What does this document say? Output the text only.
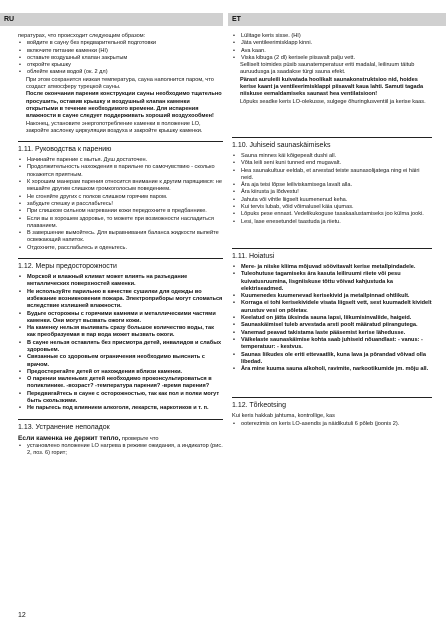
RU	ET

ператураx, что происходит следующим образом:

• войдите в сауну без предварительной подготовки
• включите питание каменки (HI)
• оставьте воздушный клапан закрытым
• откройте крышку
• облейте камни водой (ок. 2 дл)

При этом сохранится низкая температура, сауна наполнится паром, что создаст атмосферу турецкой сауны.

После окончания парения конструкции сауны необходимо тщательно просушить, оставив крышку и воздушный клапан каменки открытыми в течение необходимого времени. Для испарения влажности в сауне следует поддерживать хороший воздухообмен!

Наконец, установите энергопотребление каменки в положение LO, закройте заслонку циркуляции воздуха и закройте крышку каменки.

1.11. Руководства к парению
• Начинайте парение с мытья. Душ достаточен.
• Продолжительность нахождения в парильне по самочувствию - сколько покажется приятным.
• К хорошим манерам парения относится внимание к другим парящимся: не мешайте другим слишком громкоголосым поведением.
• Не сгоняйте других с полков слишком горячим паром.
• забудьте спешку и расслабьтесь!
• При слишком сильном нагревании кожи передохните в предбаннике.
• Если вы в хорошем здоровье, то можете при возможности насладиться плаванием.
• В завершение вымойтесь. Для выравнивания баланса жидкости выпейте освежающий напиток.
• Отдохните, расслабьтесь и оденьтесь.
1.12. Меры предосторожности
• Морской и влажный климат может влиять на разъедание металлических поверхностей каменки.
• Не используйте парильню в качестве сушилки для одежды во избежание возникновения пожара. Электроприборы могут сломаться вследствие излишней влажности.
• Будьте осторожны с горячими камнями и металлическими частями каменки. Они могут вызвать ожоги кожи.
• На каменку нельзя выливать сразу большое количество воды, так как преобразуемая в пар вода может вызвать ожоги.
• В сауне нельзя оставлять без присмотра детей, инвалидов и слабых здоровьем.
• Связанные со здоровьем ограничения необходимо выяснить с врачом.
• Предостерегайте детей от нахождения вблизи каменки.
• О парении маленьких детей необходимо проконсультироваться в поликлинике. -возраст? -температура парения? -время парения?
• Передвигайтесь в сауне с осторожностью, так как пол и полки могут быть скользкими.
• Не парьтесь под влиянием алкоголя, лекарств, наркотиков и т. п.
1.13. Устранение неполадок

Если каменка не держит тепло, проверьте что

• установлено положение LO нагрева в режиме ожидания, а индикатор (рис. 2, поз. 6) горит;
• Lülitage keris sisse. (HI)
• Jäta ventileerimisklapp kinni.
• Ava kaan.
• Viska kibuga (2 dl) kerisele piisavalt palju vett.

Selliselt toimides püsib saunatemperatuur eriti madalal, leiliruum täitub auruudusga ja saadakse türgi sauna efekt.

Pärast auruleili kuivatada hoolikalt saunakonstruktsioo nid, hoides kerise kaant ja ventileerimisklappi piisavalt kaua lahti. Samuti tagada niiskuse eemaldamiseks saunast hea ventilatsioon!

Lõpuks seadke keris LO-olekusse, sulgege õhuringlusventiil ja kerise kaas.

1.10. Juhiseid saunaskäimiseks
• Sauna minnes käi kõigepealt dushi all.
• Võta leili seni kuni tunned end mugavalt.
• Hea saunakultuur eeldab, et arvestad teiste saunasolijatega ning ei häiri neid.
• Ära aja teisi lõpse leiliviskamisega lavalt alla.
• Ära kiirusta ja lõdvestu!
• Jahuta või vihtle liigselt kuumenenud keha.
• Kui tervis lubab, võid võimalusel käia ujumas.
• Lõpuks pese ennast. Vedelikukoguse tasakaalustamiseks joo külma jooki.
• Lesi, lase enesetundel taastuda ja riietu.
1.11. Hoiatusi
• Mere- ja niiske kliima mõjuvad söövitavalt kerise metallpindadele.
• Tuleohutuse tagamiseks ära kasuta leiliruumi riiete või pesu kuivatusruumina, lisgniiskuse tõttu võivad kahjustuda ka elektriseadmed.
• Kuumenedes kuumenevad kerisekivid ja metallpinnad ohtlikult.
• Korraga ei tohi kerisekividele visata liigselt vett, sest kuumadelt kividelt aurustuv vesi on põletav.
• Keelatud on jätta üksinda sauna lapsi, liikumisinvaliide, haigeid.
• Saunaskäimisel tuleb arvestada arsti poolt määratud piirangutega.
• Vanemad peavad takistama laste pääsemist kerise lähedusse.
• Väikelaste saunaskäimise kohta saab juhiseid nõuandlast: - vanus: - temperatuur: - kestvus.
• Saunas liikudes ole eriti ettevaatlik, kuna lava ja põrandad võivad olla libedad.
• Ära mine kuuma sauna alkoholi, ravimite, narkootikumide jm. mõju all.
1.12. Tõrkeotsing

Kui keris hakkab jahtuma, kontrollige, kas

• ooterezimis on keris LO-asendis ja näidikutuli 6 põleb (joonis 2).
12
